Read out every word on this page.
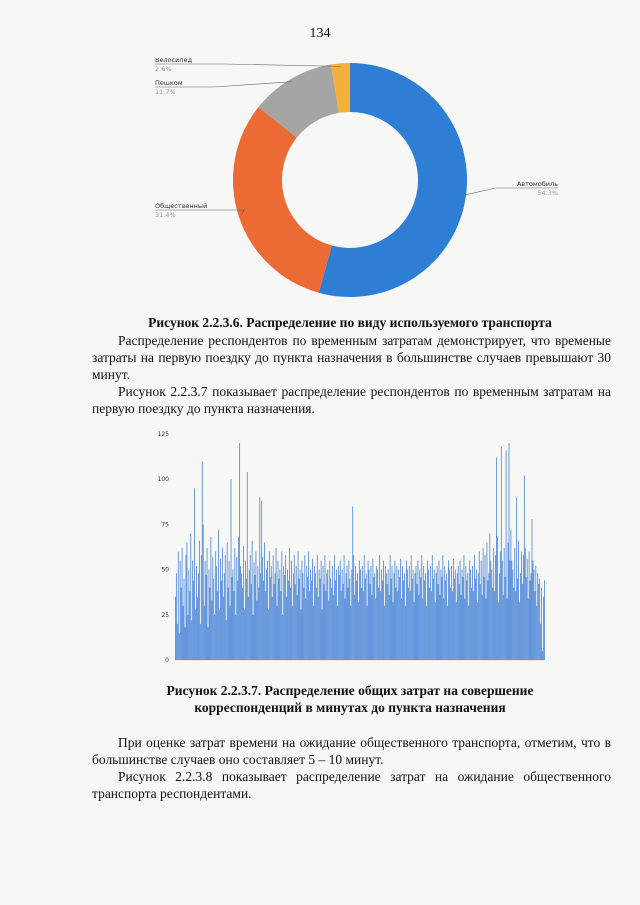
134
Автомобиль
54.3%
Общественный
31.4%
Пешком
11.7%
Велосипед
2.6%
Рисунок 2.2.3.6. Распределение по виду используемого транспорта

Распределение респондентов по временным затратам демонстрирует, что временые затраты на первую поездку до пункта назначения в большинстве случаев превышают 30 минут.

Рисунок 2.2.3.7 показывает распределение респондентов по временным затратам на первую поездку до пункта назначения.

0
25
50
75
100
125
Рисунок 2.2.3.7. Распределение общих затрат на совершение
корреспонденций в минутах до пункта назначения

При оценке затрат времени на ожидание общественного транспорта, отметим, что в большинстве случаев оно составляет 5 – 10 минут.

Рисунок 2.2.3.8 показывает распределение затрат на ожидание общественного транспорта респондентами.
